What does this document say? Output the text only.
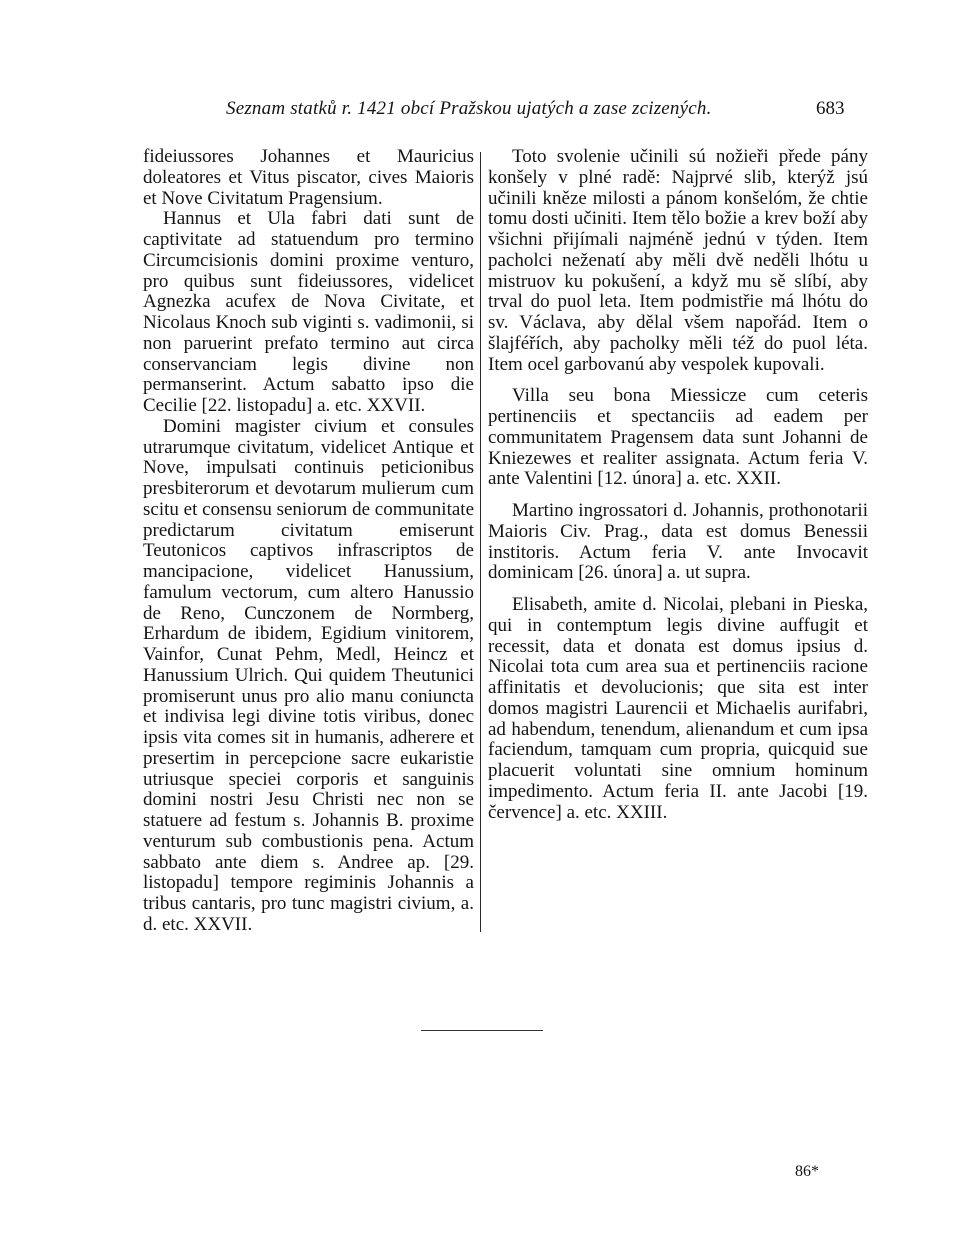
Seznam statků r. 1421 obcí Pražskou ujatých a zase zcizených.	683

fideiussores Johannes et Mauricius doleatores et Vitus piscator, cives Maioris et Nove Civitatum Pragensium.

Hannus et Ula fabri dati sunt de captivitate ad statuendum pro termino Circumcisionis domini proxime venturo, pro quibus sunt fideiussores, videlicet Agnezka acufex de Nova Civitate, et Nicolaus Knoch sub viginti s. vadimonii, si non paruerint prefato termino aut circa conservanciam legis divine non permanserint. Actum sabatto ipso die Cecilie [22. listopadu] a. etc. XXVII.

Domini magister civium et consules utrarumque civitatum, videlicet Antique et Nove, impulsati continuis peticionibus presbiterorum et devotarum mulierum cum scitu et consensu seniorum de communitate predictarum civitatum emiserunt Teutonicos captivos infrascriptos de mancipacione, videlicet Hanussium, famulum vectorum, cum altero Hanussio de Reno, Cunczonem de Normberg, Erhardum de ibidem, Egidium vinitorem, Vainfor, Cunat Pehm, Medl, Heincz et Hanussium Ulrich. Qui quidem Theutunici promiserunt unus pro alio manu coniuncta et indivisa legi divine totis viribus, donec ipsis vita comes sit in humanis, adherere et presertim in percepcione sacre eukaristie utriusque speciei corporis et sanguinis domini nostri Jesu Christi nec non se statuere ad festum s. Johannis B. proxime venturum sub combustionis pena. Actum sabbato ante diem s. Andree ap. [29. listopadu] tempore regiminis Johannis a tribus cantaris, pro tunc magistri civium, a. d. etc. XXVII.

Toto svolenie učinili sú nožieři přede pány konšely v plné radě: Najprvé slib, kterýž jsú učinili kněze milosti a pánom konšelóm, že chtie tomu dosti učiniti. Item tělo božie a krev boží aby všichni přijímali najméně jednú v týden. Item pacholci neženatí aby měli dvě neděli lhótu u mistruov ku pokušení, a když mu sě slíbí, aby trval do puol leta. Item podmistřie má lhótu do sv. Václava, aby dělal všem napořád. Item o šlajféřích, aby pacholky měli též do puol léta. Item ocel garbovanú aby vespolek kupovali.

Villa seu bona Miessicze cum ceteris pertinenciis et spectanciis ad eadem per communitatem Pragensem data sunt Johanni de Kniezewes et realiter assignata. Actum feria V. ante Valentini [12. února] a. etc. XXII.

Martino ingrossatori d. Johannis, prothonotarii Maioris Civ. Prag., data est domus Benessii institoris. Actum feria V. ante Invocavit dominicam [26. února] a. ut supra.

Elisabeth, amite d. Nicolai, plebani in Pieska, qui in contemptum legis divine auffugit et recessit, data et donata est domus ipsius d. Nicolai tota cum area sua et pertinenciis racione affinitatis et devolucionis; que sita est inter domos magistri Laurencii et Michaelis aurifabri, ad habendum, tenendum, alienandum et cum ipsa faciendum, tamquam cum propria, quicquid sue placuerit voluntati sine omnium hominum impedimento. Actum feria II. ante Jacobi [19. července] a. etc. XXIII.

86*
